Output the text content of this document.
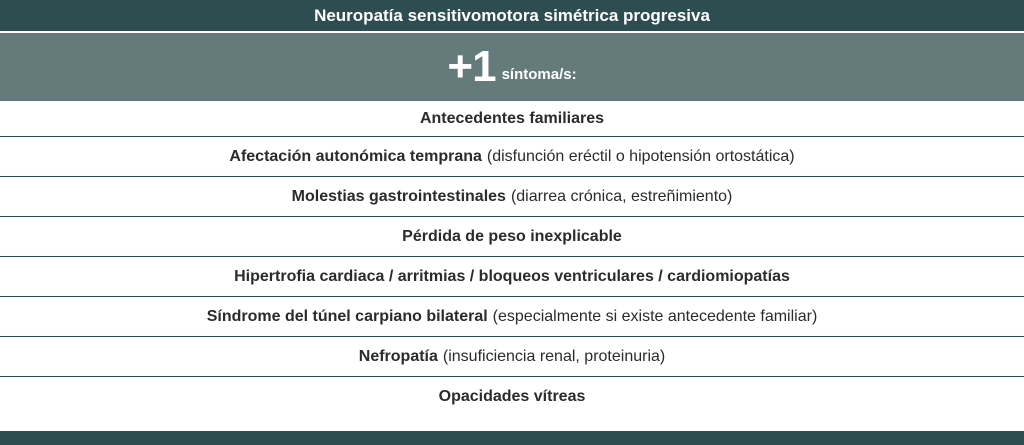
Neuropatía sensitivomotora simétrica progresiva
+1 síntoma/s:
Antecedentes familiares
Afectación autonómica temprana (disfunción eréctil o hipotensión ortostática)
Molestias gastrointestinales (diarrea crónica, estreñimiento)
Pérdida de peso inexplicable
Hipertrofia cardiaca / arritmias / bloqueos ventriculares / cardiomiopatías
Síndrome del túnel carpiano bilateral (especialmente si existe antecedente familiar)
Nefropatía (insuficiencia renal, proteinuria)
Opacidades vítreas
